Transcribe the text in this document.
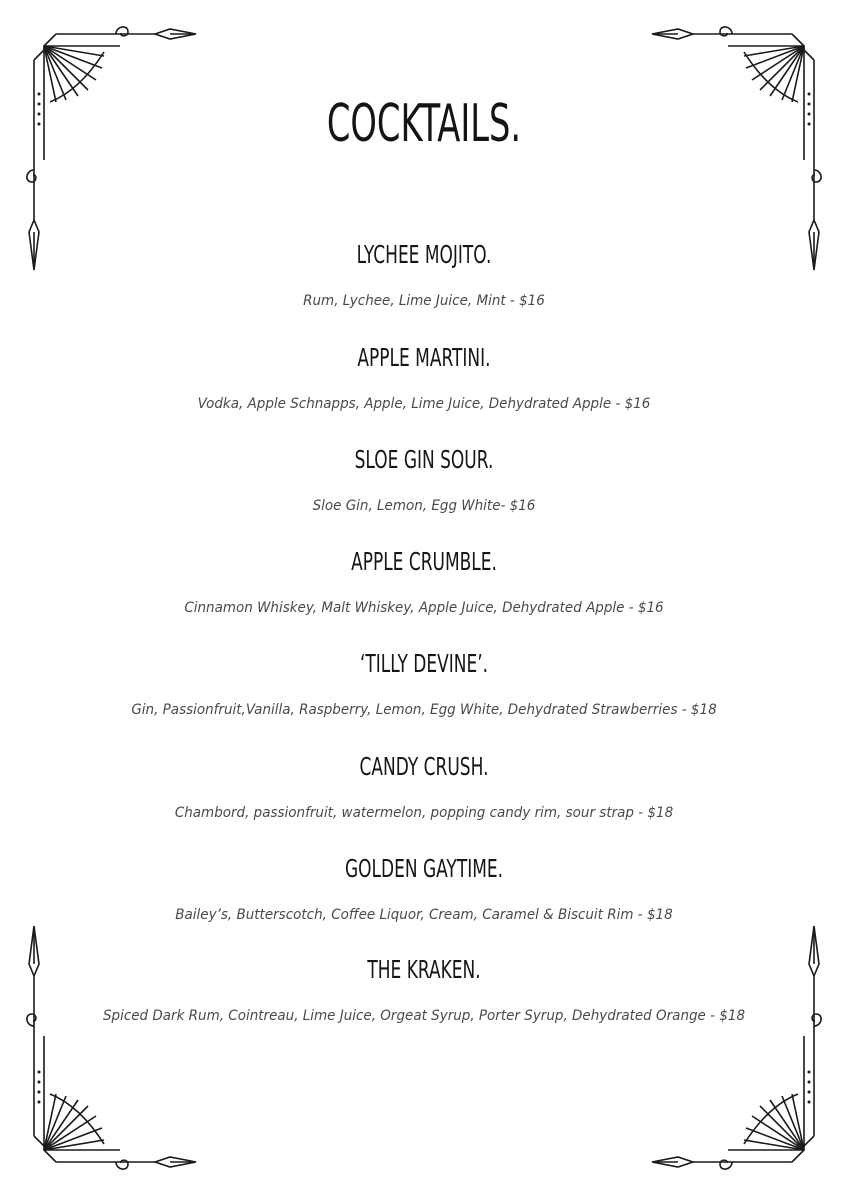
COCKTAILS.
LYCHEE MOJITO.
Rum, Lychee, Lime Juice, Mint - $16
APPLE MARTINI.
Vodka, Apple Schnapps, Apple, Lime Juice, Dehydrated Apple - $16
SLOE GIN SOUR.
Sloe Gin, Lemon, Egg White- $16
APPLE CRUMBLE.
Cinnamon Whiskey, Malt Whiskey, Apple Juice, Dehydrated Apple - $16
‘TILLY DEVINE’.
Gin, Passionfruit,Vanilla, Raspberry, Lemon, Egg White, Dehydrated Strawberries - $18
CANDY CRUSH.
Chambord, passionfruit, watermelon, popping candy rim, sour strap - $18
GOLDEN GAYTIME.
Bailey’s, Butterscotch, Coffee Liquor, Cream, Caramel & Biscuit Rim - $18
THE KRAKEN.
Spiced Dark Rum, Cointreau, Lime Juice, Orgeat Syrup, Porter Syrup, Dehydrated Orange - $18
